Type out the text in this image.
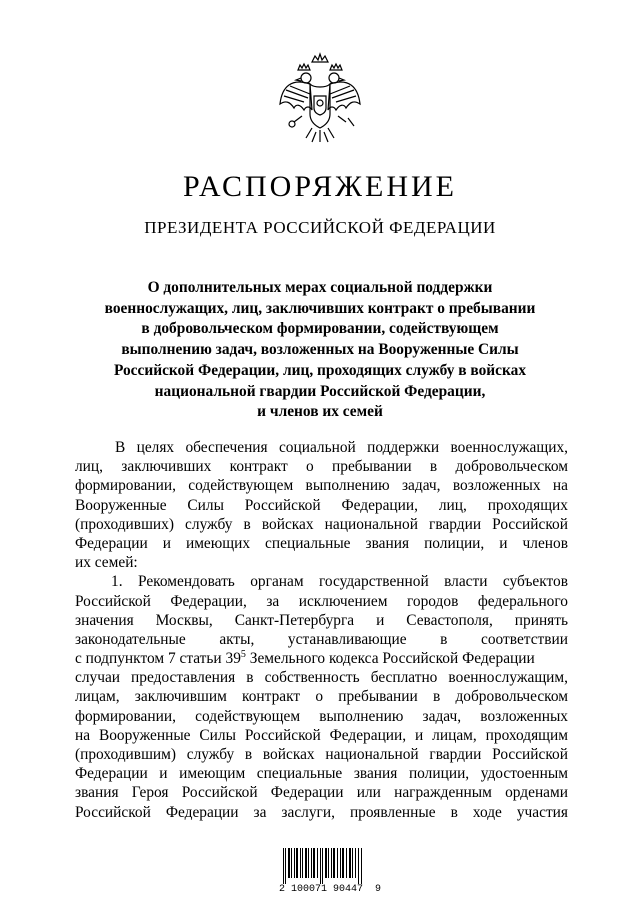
РАСПОРЯЖЕНИЕ
ПРЕЗИДЕНТА РОССИЙСКОЙ ФЕДЕРАЦИИ
О дополнительных мерах социальной поддержки
военнослужащих, лиц, заключивших контракт о пребывании
в добровольческом формировании, содействующем
выполнению задач, возложенных на Вооруженные Силы
Российской Федерации, лиц, проходящих службу в войсках
национальной гвардии Российской Федерации,
и членов их семей
В целях обеспечения социальной поддержки военнослужащих,
лиц, заключивших контракт о пребывании в добровольческом
формировании, содействующем выполнению задач, возложенных на
Вооруженные Силы Российской Федерации, лиц, проходящих
(проходивших) службу в войсках национальной гвардии Российской
Федерации и имеющих специальные звания полиции, и членов
их семей:
1. Рекомендовать органам государственной власти субъектов
Российской Федерации, за исключением городов федерального
значения Москвы, Санкт-Петербурга и Севастополя, принять
законодательные акты, устанавливающие в соответствии
с подпунктом 7 статьи $39^5$ Земельного кодекса Российской Федерации
случаи предоставления в собственность бесплатно военнослужащим,
лицам, заключившим контракт о пребывании в добровольческом
формировании, содействующем выполнению задач, возложенных
на Вооруженные Силы Российской Федерации, и лицам, проходящим
(проходившим) службу в войсках национальной гвардии Российской
Федерации и имеющим специальные звания полиции, удостоенным
звания Героя Российской Федерации или награжденным орденами
Российской Федерации за заслуги, проявленные в ходе участия
2 100071 90447  9
